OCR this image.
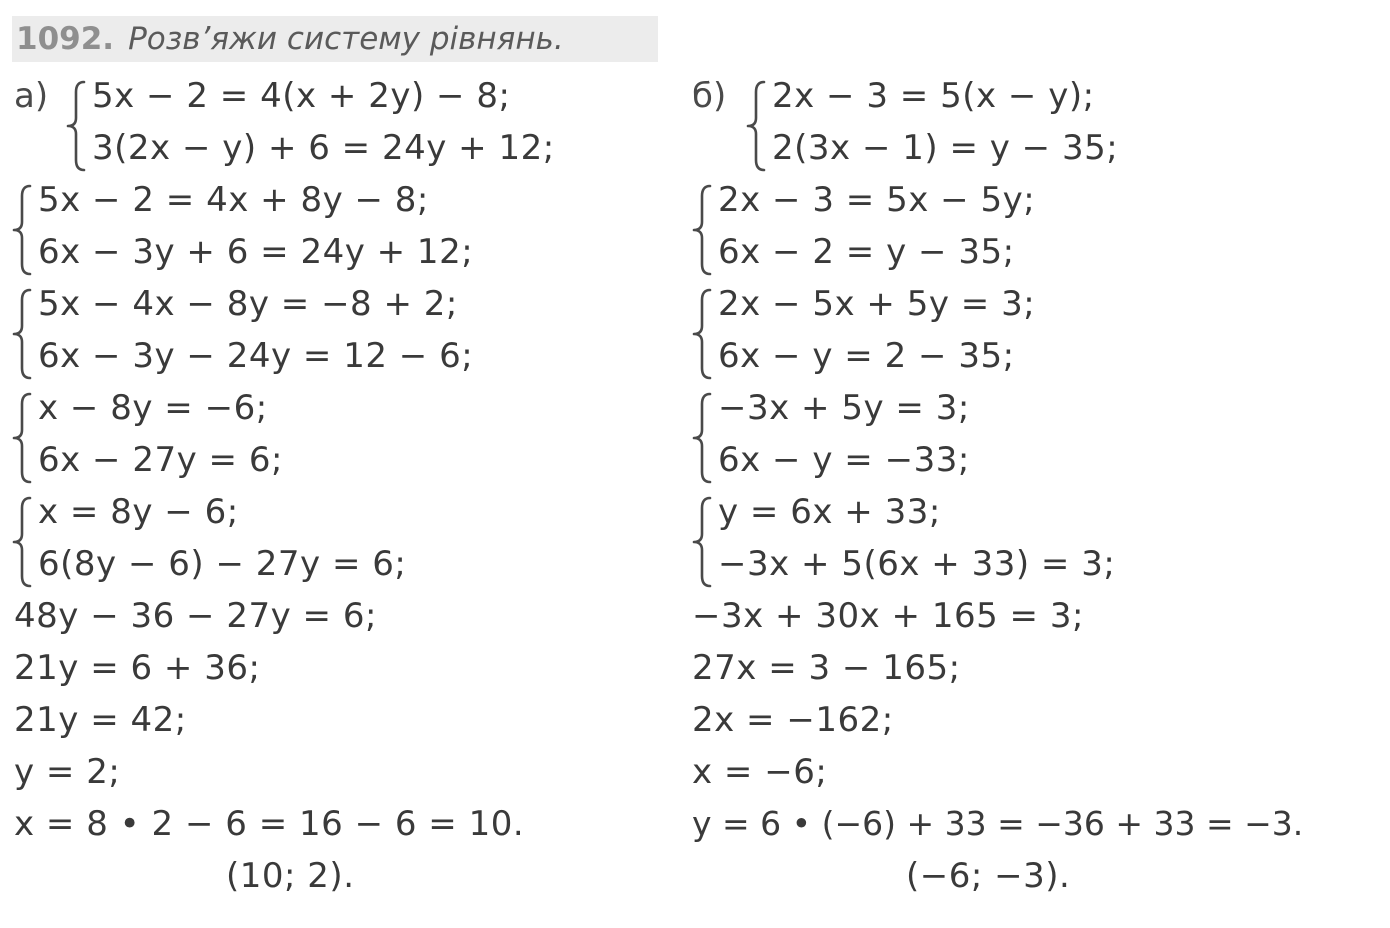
1092. Розв’яжи систему рівнянь.
а) 5x − 2 = 4(x + 2y) − 8;
3(2x − y) + 6 = 24y + 12;
5x − 2 = 4x + 8y − 8;
6x − 3y + 6 = 24y + 12;
5x − 4x − 8y = −8 + 2;
6x − 3y − 24y = 12 − 6;
x − 8y = −6;
6x − 27y = 6;
x = 8y − 6;
6(8y − 6) − 27y = 6;
48y − 36 − 27y = 6;
21y = 6 + 36;
21y = 42;
y = 2;
x = 8 • 2 − 6 = 16 − 6 = 10.
(10; 2).
б) 2x − 3 = 5(x − y);
2(3x − 1) = y − 35;
2x − 3 = 5x − 5y;
6x − 2 = y − 35;
2x − 5x + 5y = 3;
6x − y = 2 − 35;
−3x + 5y = 3;
6x − y = −33;
y = 6x + 33;
−3x + 5(6x + 33) = 3;
−3x + 30x + 165 = 3;
27x = 3 − 165;
2x = −162;
x = −6;
y = 6 • (−6) + 33 = −36 + 33 = −3.
(−6; −3).
